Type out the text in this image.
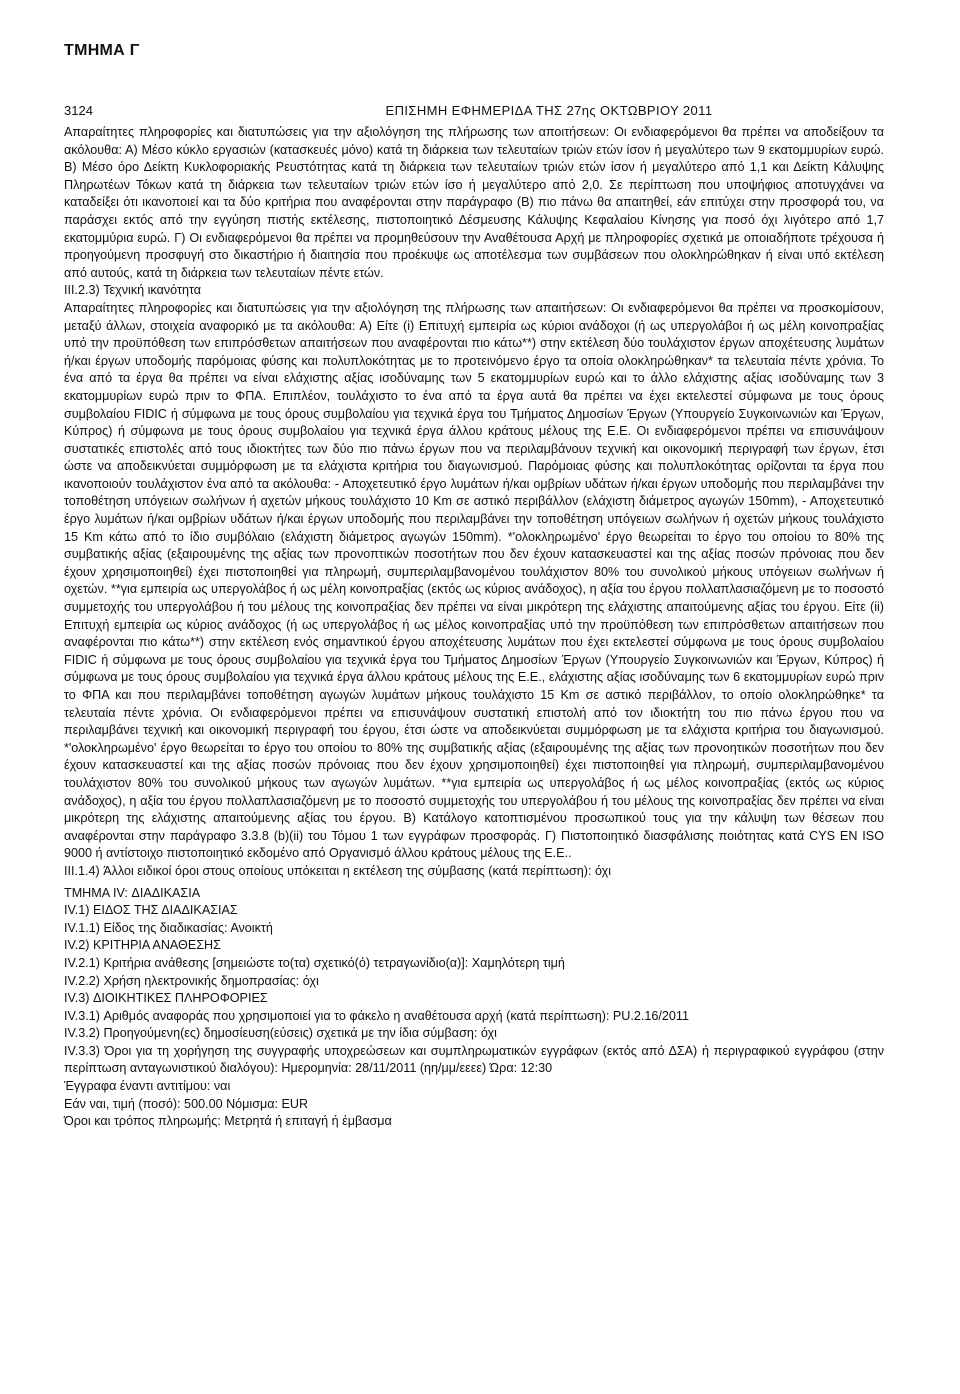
ΤΜΗΜΑ Γ
3124	ΕΠΙΣΗΜΗ ΕΦΗΜΕΡΙΔΑ ΤΗΣ 27ης ΟΚΤΩΒΡΙΟΥ 2011

Απαραίτητες πληροφορίες και διατυπώσεις για την αξιολόγηση της πλήρωσης των αποιτήσεων: Οι ενδιαφερόμενοι θα πρέπει να αποδείξουν τα ακόλουθα: Α) Μέσο κύκλο εργασιών (κατασκευές μόνο) κατά τη διάρκεια των τελευταίων τριών ετών ίσον ή μεγαλύτερο των 9 εκατομμυρίων ευρώ. Β) Μέσο όρο Δείκτη Κυκλοφοριακής Ρευστότητας κατά τη διάρκεια των τελευταίων τριών ετών ίσον ή μεγαλύτερο από 1,1 και Δείκτη Κάλυψης Πληρωτέων Τόκων κατά τη διάρκεια των τελευταίων τριών ετών ίσο ή μεγαλύτερο από 2,0. Σε περίπτωση που υποψήφιος αποτυγχάνει να καταδείξει ότι ικανοποιεί και τα δύο κριτήρια που αναφέρονται στην παράγραφο (Β) πιο πάνω θα απαιτηθεί, εάν επιτύχει στην προσφορά του, να παράσχει εκτός από την εγγύηση πιστής εκτέλεσης, πιστοποιητικό Δέσμευσης Κάλυψης Κεφαλαίου Κίνησης για ποσό όχι λιγότερο από 1,7 εκατομμύρια ευρώ. Γ) Οι ενδιαφερόμενοι θα πρέπει να προμηθεύσουν την Αναθέτουσα Αρχή με πληροφορίες σχετικά με οποιαδήποτε τρέχουσα ή προηγούμενη προσφυγή στο δικαστήριο ή διαιτησία που προέκυψε ως αποτέλεσμα των συμβάσεων που ολοκληρώθηκαν ή είναι υπό εκτέλεση από αυτούς, κατά τη διάρκεια των τελευταίων πέντε ετών.

III.2.3) Τεχνική ικανότητα

Απαραίτητες πληροφορίες και διατυπώσεις για την αξιολόγηση της πλήρωσης των απαιτήσεων: Οι ενδιαφερόμενοι θα πρέπει να προσκομίσουν, μεταξύ άλλων, στοιχεία αναφορικό με τα ακόλουθα: Α) Είτε (i) Επιτυχή εμπειρία ως κύριοι ανάδοχοι (ή ως υπεργολάβοι ή ως μέλη κοινοπραξίας υπό την προϋπόθεση των επιπρόσθετων απαιτήσεων που αναφέρονται πιο κάτω**) στην εκτέλεση δύο τουλάχιστον έργων αποχέτευσης λυμάτων ή/και έργων υποδομής παρόμοιας φύσης και πολυπλοκότητας με το προτεινόμενο έργο τα οποία ολοκληρώθηκαν* τα τελευταία πέντε χρόνια. Το ένα από τα έργα θα πρέπει να είναι ελάχιστης αξίας ισοδύναμης των 5 εκατομμυρίων ευρώ και το άλλο ελάχιστης αξίας ισοδύναμης των 3 εκατομμυρίων ευρώ πριν το ΦΠΑ. Επιπλέον, τουλάχιστο το ένα από τα έργα αυτά θα πρέπει να έχει εκτελεστεί σύμφωνα με τους όρους συμβολαίου FIDIC ή σύμφωνα με τους όρους συμβολαίου για τεχνικά έργα του Τμήματος Δημοσίων Έργων (Υπουργείο Συγκοινωνιών και Έργων, Κύπρος) ή σύμφωνα με τους όρους συμβολαίου για τεχνικά έργα άλλου κράτους μέλους της Ε.Ε. Οι ενδιαφερόμενοι πρέπει να επισυνάψουν συστατικές επιστολές από τους ιδιοκτήτες των δύο πιο πάνω έργων που να περιλαμβάνουν τεχνική και οικονομική περιγραφή των έργων, έτσι ώστε να αποδεικνύεται συμμόρφωση με τα ελάχιστα κριτήρια του διαγωνισμού. Παρόμοιας φύσης και πολυπλοκότητας ορίζονται τα έργα που ικανοποιούν τουλάχιστον ένα από τα ακόλουθα: - Αποχετευτικό έργο λυμάτων ή/και ομβρίων υδάτων ή/και έργων υποδομής που περιλαμβάνει την τοποθέτηση υπόγειων σωλήνων ή αχετών μήκους τουλάχιστο 10 Km σε αστικό περιβάλλον (ελάχιστη διάμετρος αγωγών 150mm), - Αποχετευτικό έργο λυμάτων ή/και ομβρίων υδάτων ή/και έργων υποδομής που περιλαμβάνει την τοποθέτηση υπόγειων σωλήνων ή οχετών μήκους τουλάχιστο 15 Km κάτω από το ίδιο συμβόλαιο (ελάχιστη διάμετρος αγωγών 150mm). *'ολοκληρωμένο' έργο θεωρείται το έργο του οποίου το 80% της συμβατικής αξίας (εξαιρουμένης της αξίας των προνοπτικών ποσοτήτων που δεν έχουν κατασκευαστεί και της αξίας ποσών πρόνοιας που δεν έχουν χρησιμοποιηθεί) έχει πιστοποιηθεί για πληρωμή, συμπεριλαμβανομένου τουλάχιστον 80% του συνολικού μήκους υπόγειων σωλήνων ή οχετών. **για εμπειρία ως υπεργολάβος ή ως μέλη κοινοπραξίας (εκτός ως κύριος ανάδοχος), η αξία του έργου πολλαπλασιαζόμενη με το ποσοστό συμμετοχής του υπεργολάβου ή του μέλους της κοινοπραξίας δεν πρέπει να είναι μικρότερη της ελάχιστης απαιτούμενης αξίας του έργου. Είτε (ii) Επιτυχή εμπειρία ως κύριος ανάδοχος (ή ως υπεργολάβος ή ως μέλος κοινοπραξίας υπό την προϋπόθεση των επιπρόσθετων απαιτήσεων που αναφέρονται πιο κάτω**) στην εκτέλεση ενός σημαντικού έργου αποχέτευσης λυμάτων που έχει εκτελεστεί σύμφωνα με τους όρους συμβολαίου FIDIC ή σύμφωνα με τους όρους συμβολαίου για τεχνικά έργα του Τμήματος Δημοσίων Έργων (Υπουργείο Συγκοινωνιών και Έργων, Κύπρος) ή σύμφωνα με τους όρους συμβολαίου για τεχνικά έργα άλλου κράτους μέλους της Ε.Ε., ελάχιστης αξίας ισοδύναμης των 6 εκατομμυρίων ευρώ πριν το ΦΠΑ και που περιλαμβάνει τοποθέτηση αγωγών λυμάτων μήκους τουλάχιστο 15 Km σε αστικό περιβάλλον, το οποίο ολοκληρώθηκε* τα τελευταία πέντε χρόνια. Οι ενδιαφερόμενοι πρέπει να επισυνάψουν συστατική επιστολή από τον ιδιοκτήτη του πιο πάνω έργου που να περιλαμβάνει τεχνική και οικονομική περιγραφή του έργου, έτσι ώστε να αποδεικνύεται συμμόρφωση με τα ελάχιστα κριτήρια του διαγωνισμού. *'ολοκληρωμένο' έργο θεωρείται το έργο του οποίου το 80% της συμβατικής αξίας (εξαιρουμένης της αξίας των προνοητικών ποσοτήτων που δεν έχουν κατασκευαστεί και της αξίας ποσών πρόνοιας που δεν έχουν χρησιμοποιηθεί) έχει πιστοποιηθεί για πληρωμή, συμπεριλαμβανομένου τουλάχιστον 80% του συνολικού μήκους των αγωγών λυμάτων. **για εμπειρία ως υπεργολάβος ή ως μέλος κοινοπραξίας (εκτός ως κύριος ανάδοχος), η αξία του έργου πολλαπλασιαζόμενη με το ποσοστό συμμετοχής του υπεργολάβου ή του μέλους της κοινοπραξίας δεν πρέπει να είναι μικρότερη της ελάχιστης απαιτούμενης αξίας του έργου. Β) Κατάλογο κατοπτισμένου προσωπικού τους για την κάλυψη των θέσεων που αναφέρονται στην παράγραφο 3.3.8 (b)(ii) του Τόμου 1 των εγγράφων προσφοράς. Γ) Πιστοποιητικό διασφάλισης ποιότητας κατά CYS EN ISO 9000 ή αντίστοιχο πιστοποιητικό εκδομένο από Οργανισμό άλλου κράτους μέλους της Ε.Ε..

III.1.4) Άλλοι ειδικοί όροι στους οποίους υπόκειται η εκτέλεση της σύμβασης (κατά περίπτωση): όχι

ΤΜΗΜΑ IV: ΔΙΑΔΙΚΑΣΙΑ
IV.1) ΕΙΔΟΣ ΤΗΣ ΔΙΑΔΙΚΑΣΙΑΣ
IV.1.1) Είδος της διαδικασίας: Ανοικτή
IV.2) ΚΡΙΤΗΡΙΑ ΑΝΑΘΕΣΗΣ
IV.2.1) Κριτήρια ανάθεσης [σημειώστε το(τα) σχετικό(ό) τετραγωνίδιο(α)]: Χαμηλότερη τιμή
IV.2.2) Χρήση ηλεκτρονικής δημοπρασίας: όχι
IV.3) ΔΙΟΙΚΗΤΙΚΕΣ ΠΛΗΡΟΦΟΡΙΕΣ
IV.3.1) Αριθμός αναφοράς που χρησιμοποιεί για το φάκελο η αναθέτουσα αρχή (κατά περίπτωση): PU.2.16/2011
IV.3.2) Προηγούμενη(ες) δημοσίευση(εύσεις) σχετικά με την ίδια σύμβαση: όχι

IV.3.3) Όροι για τη χορήγηση της συγγραφής υποχρεώσεων και συμπληρωματικών εγγράφων (εκτός από ΔΣΑ) ή περιγραφικού εγγράφου (στην περίπτωση ανταγωνιστικού διαλόγου): Ημερομηνία: 28/11/2011 (ηη/μμ/εεεε) Ώρα: 12:30

Έγγραφα έναντι αντιτίμου: ναι
Εάν ναι, τιμή (ποσό): 500.00 Νόμισμα: EUR
Όροι και τρόπος πληρωμής: Μετρητά ή επιταγή ή έμβασμα
